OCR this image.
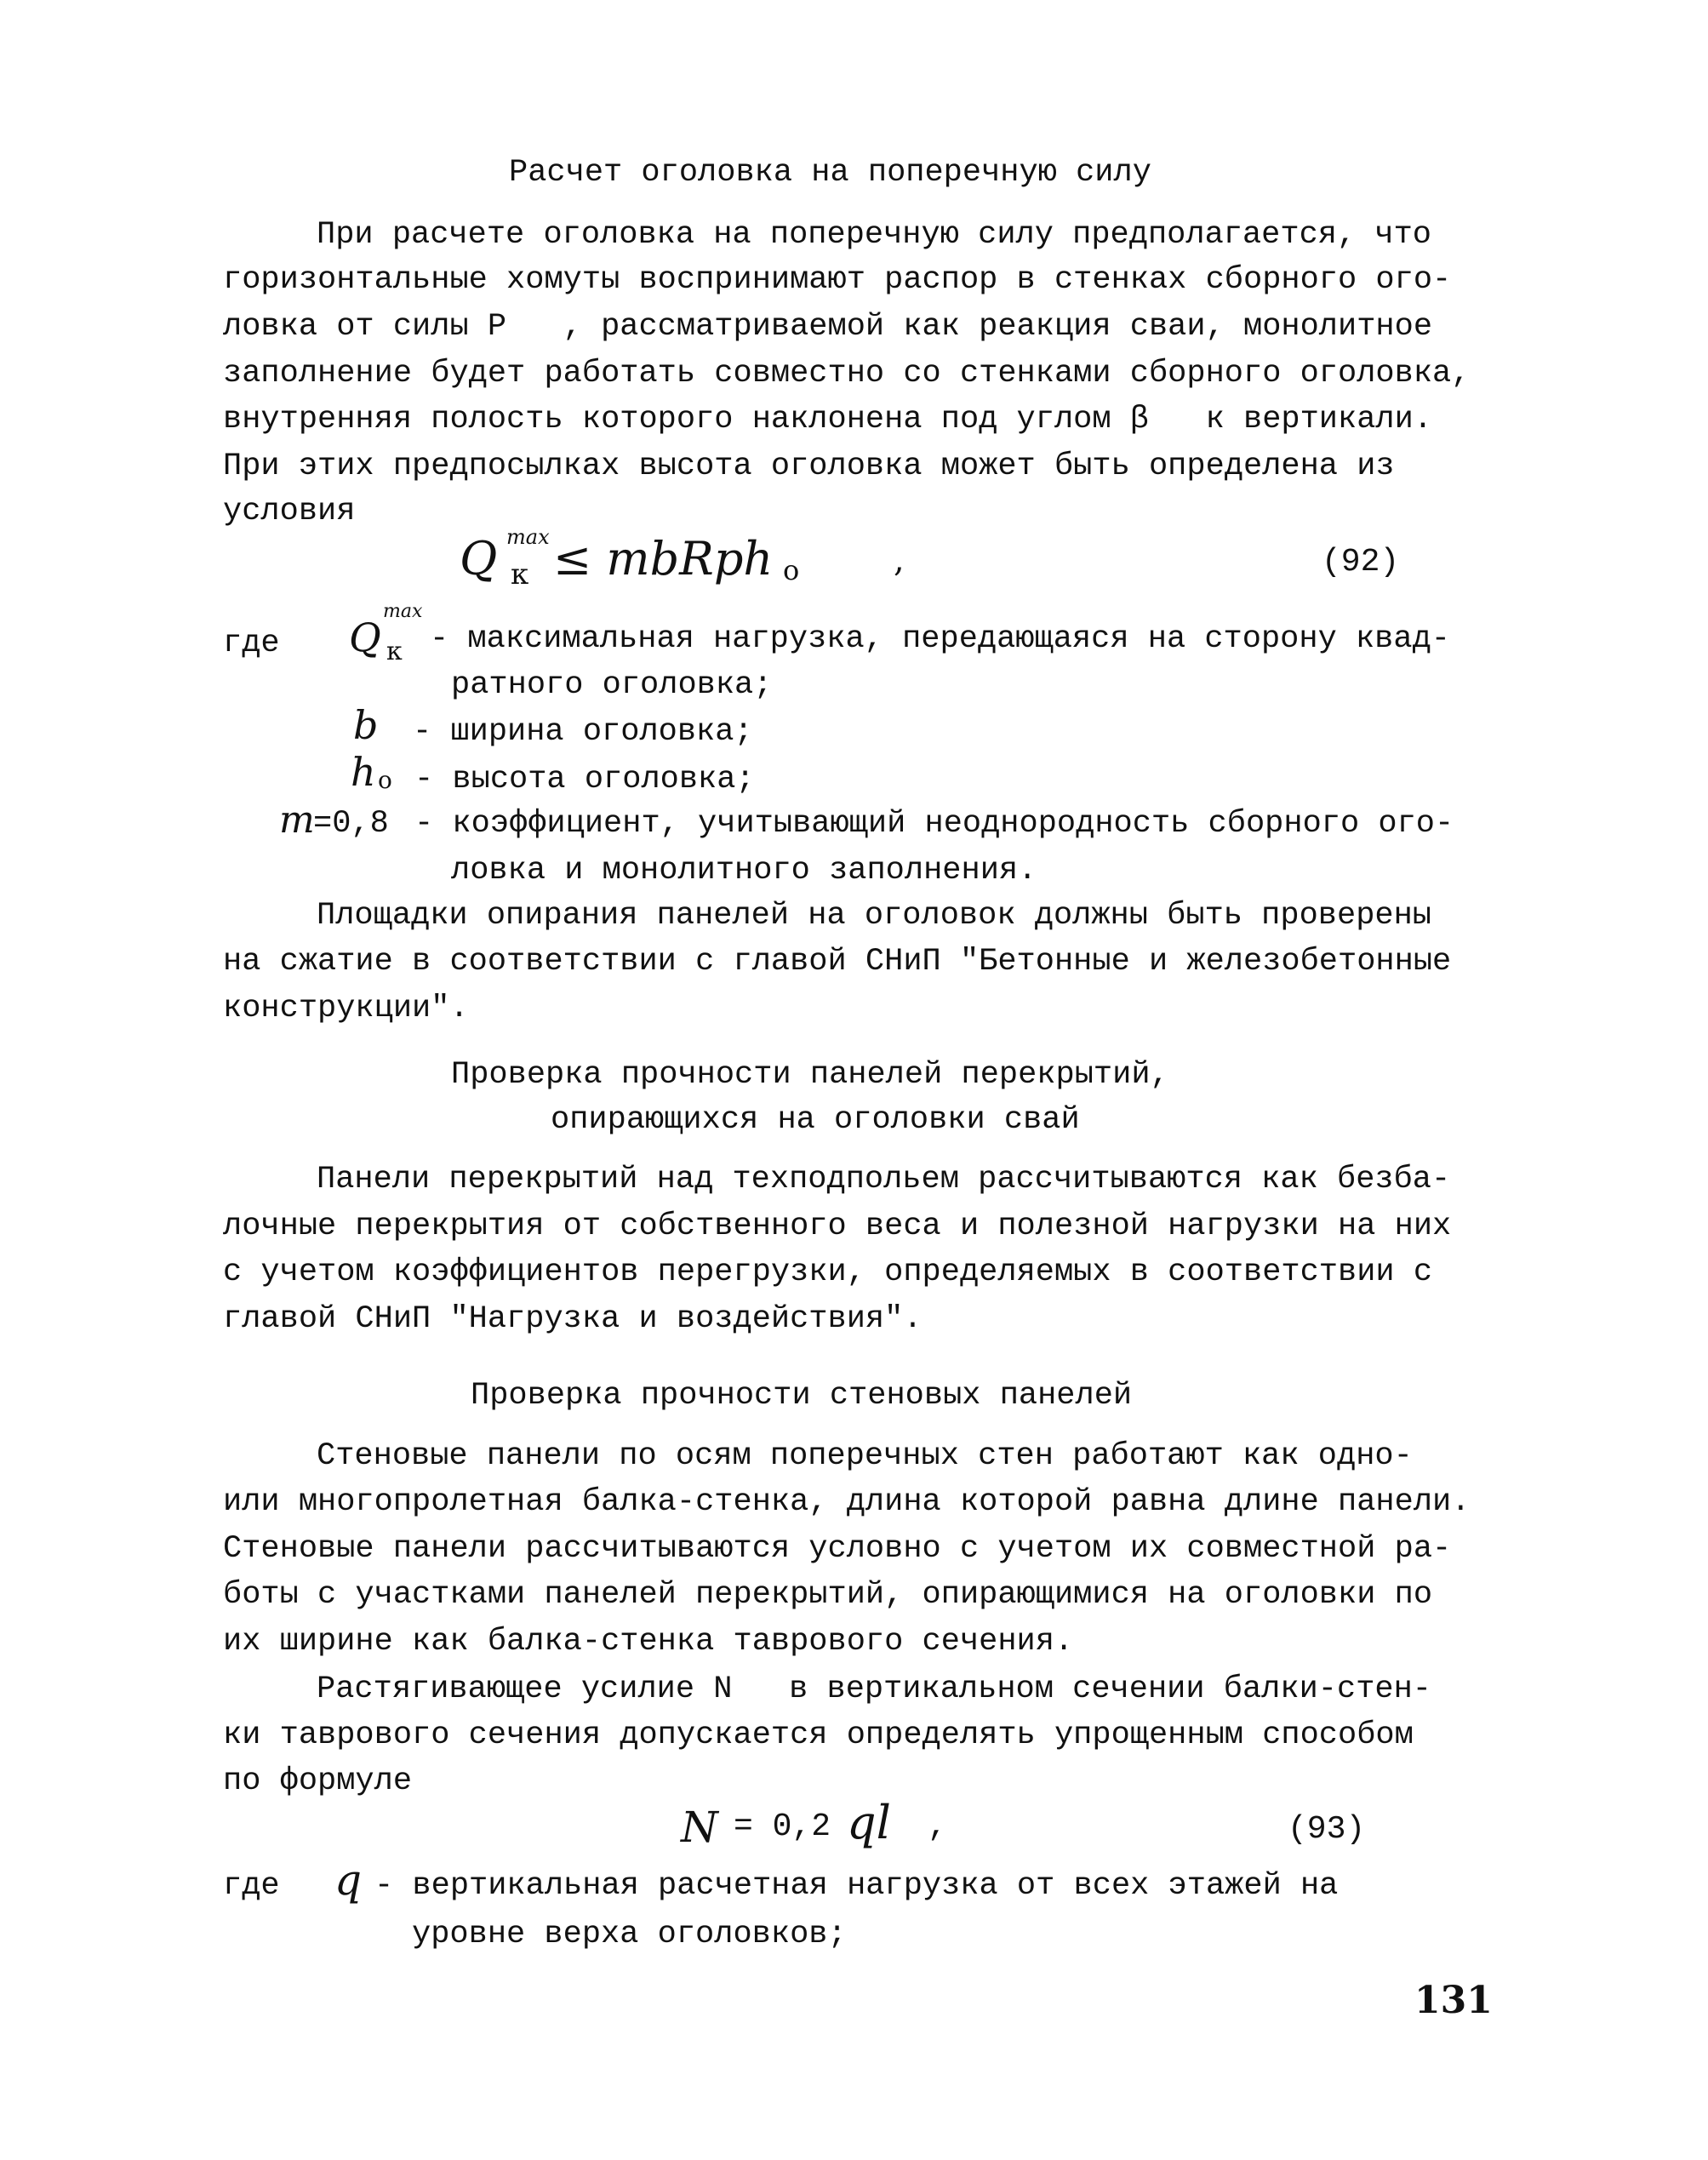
Расчет оголовка на поперечную силу
При расчете оголовка на поперечную силу предполагается, что
горизонтальные хомуты воспринимают распор в стенках сборного ого-
ловка от силы P   , рассматриваемой как реакция сваи, монолитное
заполнение будет работать совместно со стенками сборного оголовка,
внутренняя полость которого наклонена под углом β   к вертикали.
При этих предпосылках высота оголовка может быть определена из
условия
Q max
к ≤ mbRph o	,	(92)
где Q
max
к - максимальная нагрузка, передающаяся на сторону квад-
ратного оголовка;
b - ширина оголовка;
h o - высота оголовка;
m
=0,8 - коэффициент, учитывающий неоднородность сборного ого-
ловка и монолитного заполнения.
Площадки опирания панелей на оголовок должны быть проверены
на сжатие в соответствии с главой СНиП "Бетонные и железобетонные
конструкции".
Проверка прочности панелей перекрытий,
опирающихся на оголовки свай
Панели перекрытий над техподпольем рассчитываются как безба-
лочные перекрытия от собственного веса и полезной нагрузки на них
с учетом коэффициентов перегрузки, определяемых в соответствии с
главой СНиП "Нагрузка и воздействия".
Проверка прочности стеновых панелей
Стеновые панели по осям поперечных стен работают как одно-
или многопролетная балка-стенка, длина которой равна длине панели.
Стеновые панели рассчитываются условно с учетом их совместной ра-
боты с участками панелей перекрытий, опирающимися на оголовки по
их ширине как балка-стенка таврового сечения.
Растягивающее усилие N   в вертикальном сечении балки-стен-
ки таврового сечения допускается определять упрощенным способом
по формуле
N = 0,2 ql ,	(93)
где q - вертикальная расчетная нагрузка от всех этажей на
уровне верха оголовков;
131
